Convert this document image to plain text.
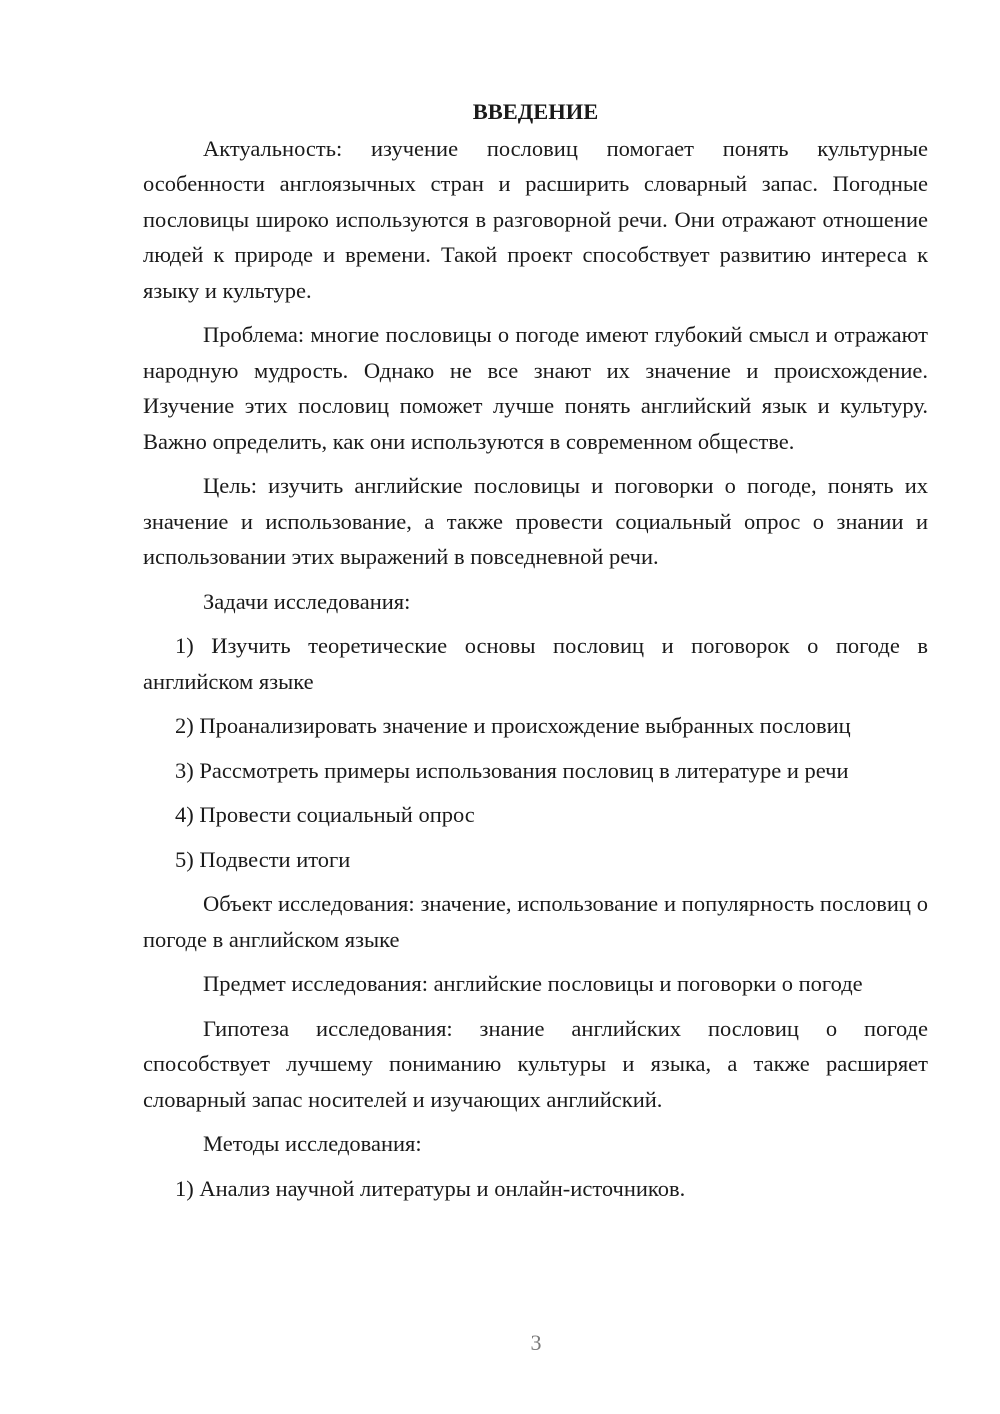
ВВЕДЕНИЕ

Актуальность: изучение пословиц помогает понять культурные особенности англоязычных стран и расширить словарный запас. Погодные пословицы широко используются в разговорной речи. Они отражают отношение людей к природе и времени. Такой проект способствует развитию интереса к языку и культуре.

Проблема: многие пословицы о погоде имеют глубокий смысл и отражают народную мудрость. Однако не все знают их значение и происхождение. Изучение этих пословиц поможет лучше понять английский язык и культуру. Важно определить, как они используются в современном обществе.

Цель: изучить английские пословицы и поговорки о погоде, понять их значение и использование, а также провести социальный опрос о знании и использовании этих выражений в повседневной речи.

Задачи исследования:

1) Изучить теоретические основы пословиц и поговорок о погоде в английском языке

2) Проанализировать значение и происхождение выбранных пословиц

3) Рассмотреть примеры использования пословиц в литературе и речи

4) Провести социальный опрос

5) Подвести итоги

Объект исследования: значение, использование и популярность пословиц о погоде в английском языке

Предмет исследования: английские пословицы и поговорки о погоде

Гипотеза исследования: знание английских пословиц о погоде способствует лучшему пониманию культуры и языка, а также расширяет словарный запас носителей и изучающих английский.

Методы исследования:

1) Анализ научной литературы и онлайн-источников.

3
